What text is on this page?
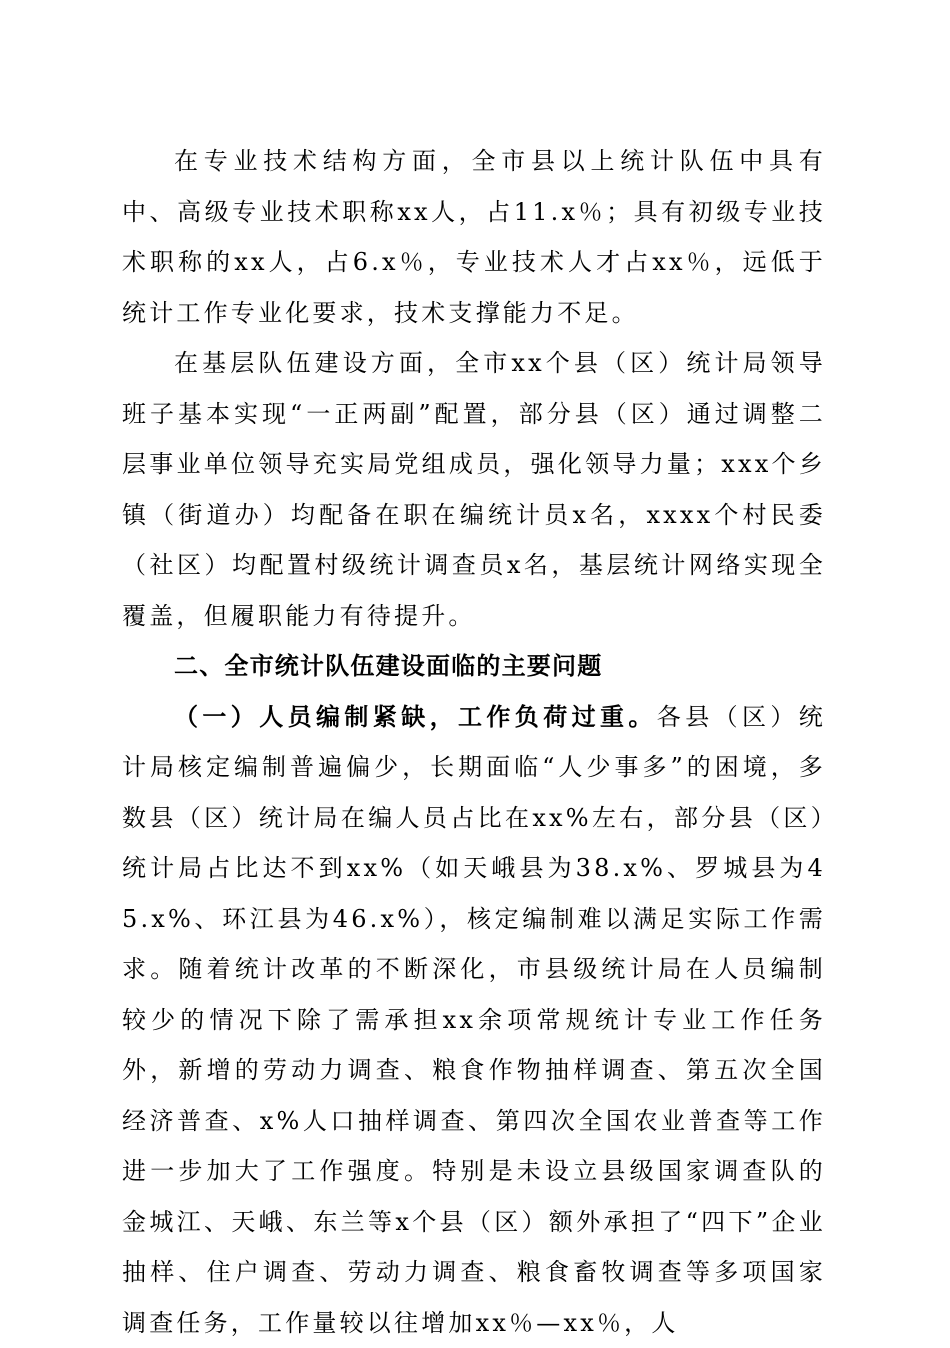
在专业技术结构方面，全市县以上统计队伍中具有中、高级专业技术职称xx人，占11.x％；具有初级专业技术职称的xx人，占6.x％，专业技术人才占xx％，远低于统计工作专业化要求，技术支撑能力不足。

在基层队伍建设方面，全市xx个县（区）统计局领导班子基本实现“一正两副”配置，部分县（区）通过调整二层事业单位领导充实局党组成员，强化领导力量；xxx个乡镇（街道办）均配备在职在编统计员x名，xxxx个村民委（社区）均配置村级统计调查员x名，基层统计网络实现全覆盖，但履职能力有待提升。

二、全市统计队伍建设面临的主要问题

（一）人员编制紧缺，工作负荷过重。各县（区）统计局核定编制普遍偏少，长期面临“人少事多”的困境，多数县（区）统计局在编人员占比在xx%左右，部分县（区）统计局占比达不到xx%（如天峨县为38.x%、罗城县为45.x%、环江县为46.x%），核定编制难以满足实际工作需求。随着统计改革的不断深化，市县级统计局在人员编制较少的情况下除了需承担xx余项常规统计专业工作任务外，新增的劳动力调查、粮食作物抽样调查、第五次全国经济普查、x%人口抽样调查、第四次全国农业普查等工作进一步加大了工作强度。特别是未设立县级国家调查队的金城江、天峨、东兰等x个县（区）额外承担了“四下”企业抽样、住户调查、劳动力调查、粮食畜牧调查等多项国家调查任务，工作量较以往增加xx％—xx％，人
